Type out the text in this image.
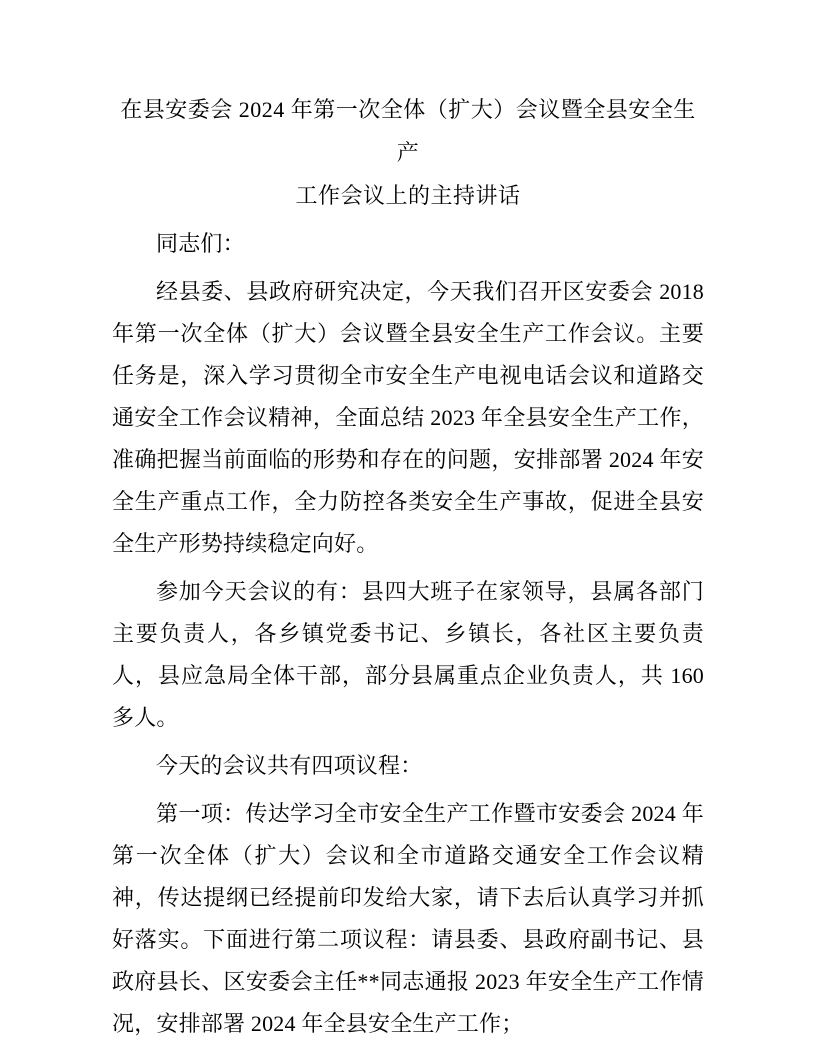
在县安委会 2024 年第一次全体（扩大）会议暨全县安全生产
工作会议上的主持讲话

同志们：

经县委、县政府研究决定，今天我们召开区安委会 2018 年第一次全体（扩大）会议暨全县安全生产工作会议。主要任务是，深入学习贯彻全市安全生产电视电话会议和道路交通安全工作会议精神，全面总结 2023 年全县安全生产工作，准确把握当前面临的形势和存在的问题，安排部署 2024 年安全生产重点工作，全力防控各类安全生产事故，促进全县安全生产形势持续稳定向好。

参加今天会议的有：县四大班子在家领导，县属各部门主要负责人，各乡镇党委书记、乡镇长，各社区主要负责人，县应急局全体干部，部分县属重点企业负责人，共 160 多人。

今天的会议共有四项议程：

第一项：传达学习全市安全生产工作暨市安委会 2024 年第一次全体（扩大）会议和全市道路交通安全工作会议精神，传达提纲已经提前印发给大家，请下去后认真学习并抓好落实。下面进行第二项议程：请县委、县政府副书记、县政府县长、区安委会主任**同志通报 2023 年安全生产工作情况，安排部署 2024 年全县安全生产工作；
